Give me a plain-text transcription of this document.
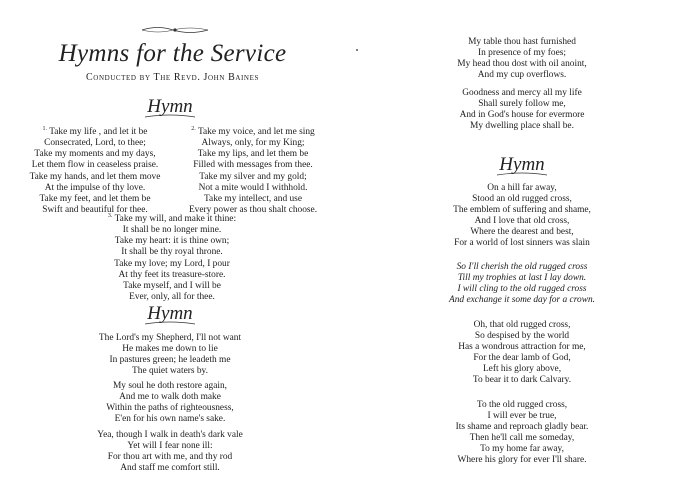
Hymns for the Service
Conducted by The Revd. John Baines
Hymn
$^{1.}$ Take my life , and let it be
Consecrated, Lord, to thee;
Take my moments and my days,
Let them flow in ceaseless praise.
Take my hands, and let them move
At the impulse of thy love.
Take my feet, and let them be
Swift and beautiful for thee.
$^{2.}$ Take my voice, and let me sing
Always, only, for my King;
Take my lips, and let them be
Filled with messages from thee.
Take my silver and my gold;
Not a mite would I withhold.
Take my intellect, and use
Every power as thou shalt choose.
$^{3.}$ Take my will, and make it thine:
It shall be no longer mine.
Take my heart: it is thine own;
It shall be thy royal throne.
Take my love; my Lord, I pour
At thy feet its treasure-store.
Take myself, and I will be
Ever, only, all for thee.
Hymn
The Lord's my Shepherd, I'll not want
He makes me down to lie
In pastures green; he leadeth me
The quiet waters by.
My soul he doth restore again,
And me to walk doth make
Within the paths of righteousness,
E'en for his own name's sake.
Yea, though I walk in death's dark vale
Yet will I fear none ill:
For thou art with me, and thy rod
And staff me comfort still.
My table thou hast furnished
In presence of my foes;
My head thou dost with oil anoint,
And my cup overflows.
Goodness and mercy all my life
Shall surely follow me,
And in God's house for evermore
My dwelling place shall be.
Hymn
On a hill far away,
Stood an old rugged cross,
The emblem of suffering and shame,
And I love that old cross,
Where the dearest and best,
For a world of lost sinners was slain
So I'll cherish the old rugged cross
Till my trophies at last I lay down.
I will cling to the old rugged cross
And exchange it some day for a crown.
Oh, that old rugged cross,
So despised by the world
Has a wondrous attraction for me,
For the dear lamb of God,
Left his glory above,
To bear it to dark Calvary.
To the old rugged cross,
I will ever be true,
Its shame and reproach gladly bear.
Then he'll call me someday,
To my home far away,
Where his glory for ever I'll share.
